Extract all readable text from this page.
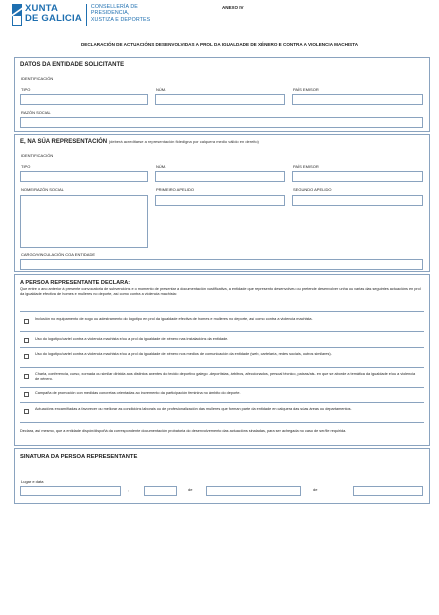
XUNTA
DE GALICIA
CONSELLERÍA DE
PRESIDENCIA,
XUSTIZA E DEPORTES
ANEXO IV
DECLARACIÓN DE ACTUACIÓNS DESENVOLVIDAS A PROL DA IGUALDADE DE XÉNERO E CONTRA A VIOLENCIA MACHISTA
DATOS DA ENTIDADE SOLICITANTE
IDENTIFICACIÓN
TIPO	NÚM.	PAÍS EMISOR
RAZÓN SOCIAL
E, NA SÚA REPRESENTACIÓN (deberá acreditarse a representación fidedigna por calquera medio válido en dereito)
IDENTIFICACIÓN
TIPO	NÚM.	PAÍS EMISOR
NOME/RAZÓN SOCIAL	PRIMEIRO APELIDO	SEGUNDO APELIDO
CARGO/VINCULACIÓN COA ENTIDADE
A PERSOA REPRESENTANTE DECLARA:
Que entre o ano anterior á presente convocatoria de subvencións e o momento de presentar a documentación xustificativa, a entidade que represento desenvolveu ou pretende desenvolver unha ou varias das seguintes actuacións en prol da igualdade efectiva de homes e mulleres no deporte, así como contra a violencia machista:
Inclusión no equipamento de xogo ou adestramento do logotipo en prol da igualdade efectiva de homes e mulleres no deporte, así como contra a violencia machista.
Uso do logotipo/cartel contra a violencia machista e/ou a prol da igualdade de xénero nas instalacións da entidade.
Uso do logotipo/cartel contra a violencia machista e/ou a prol da igualdade de xénero nos medios de comunicación da entidade (web, cartelaría, redes sociais, outros similares).
Charla, conferencia, curso, xornada ou similar dirixida aos distintos axentes do tecido deportivo galego -deportistas, árbitros, afeccionados, persoal técnico, paixas/ais- en que se aborde a temática da igualdade e/ou a violencia de xénero.
Campaña de promoción con medidas concretas orientadas ao incremento da participación feminina no ámbito do deporte.
Actuacións encamiñadas a favorecer ou mellorar as condicións laborais ou de profesionalización das mulleres que forman parte da entidade en calquera das súas áreas ou departamentos.
Declara, así mesmo, que a entidade dispón/dispoñá da correspondente documentación probatoria do desenvolvemento das actuacións sinaladas, para ser achegada no caso de ser/lle requirida.
SINATURA DA PERSOA REPRESENTANTE
Lugar e data
,	de	de
